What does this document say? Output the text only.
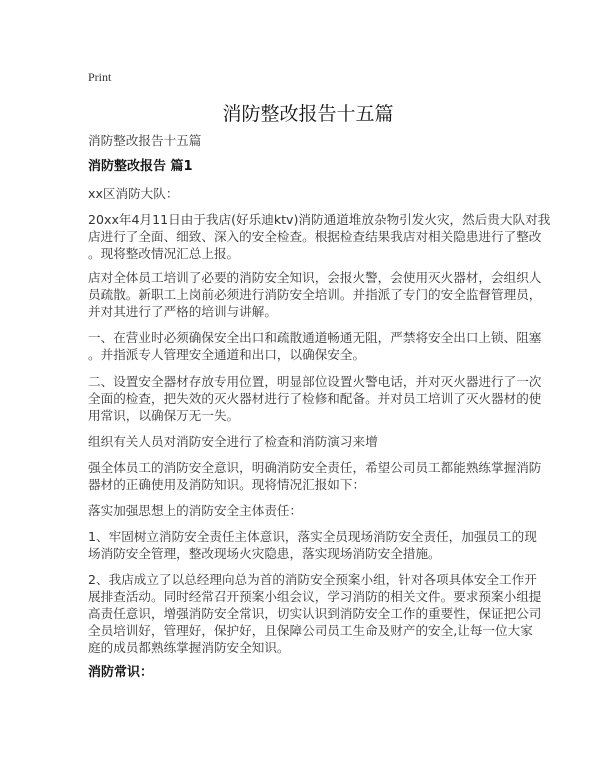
Print
消防整改报告十五篇
消防整改报告十五篇
消防整改报告 篇1
xx区消防大队：
20xx年4月11日由于我店(好乐迪ktv)消防通道堆放杂物引发火灾，然后贵大队对我
店进行了全面、细致、深入的安全检查。根据检查结果我店对相关隐患进行了整改
。现将整改情况汇总上报。
店对全体员工培训了必要的消防安全知识，会报火警，会使用灭火器材，会组织人
员疏散。新职工上岗前必须进行消防安全培训。并指派了专门的安全监督管理员，
并对其进行了严格的培训与讲解。
一、在营业时必须确保安全出口和疏散通道畅通无阻，严禁将安全出口上锁、阻塞
。并指派专人管理安全通道和出口，以确保安全。
二、设置安全器材存放专用位置，明显部位设置火警电话，并对灭火器进行了一次
全面的检查，把失效的灭火器材进行了检修和配备。并对员工培训了灭火器材的使
用常识，以确保万无一失。
组织有关人员对消防安全进行了检查和消防演习来增
强全体员工的消防安全意识，明确消防安全责任，希望公司员工都能熟练掌握消防
器材的正确使用及消防知识。现将情况汇报如下：
落实加强思想上的消防安全主体责任：
1、牢固树立消防安全责任主体意识，落实全员现场消防安全责任，加强员工的现
场消防安全管理，整改现场火灾隐患，落实现场消防安全措施。
2、我店成立了以总经理向总为首的消防安全预案小组，针对各项具体安全工作开
展排查活动。同时经常召开预案小组会议，学习消防的相关文件。要求预案小组提
高责任意识，增强消防安全常识，切实认识到消防安全工作的重要性，保证把公司
全员培训好，管理好，保护好，且保障公司员工生命及财产的安全,让每一位大家
庭的成员都熟练掌握消防安全知识。
消防常识：
